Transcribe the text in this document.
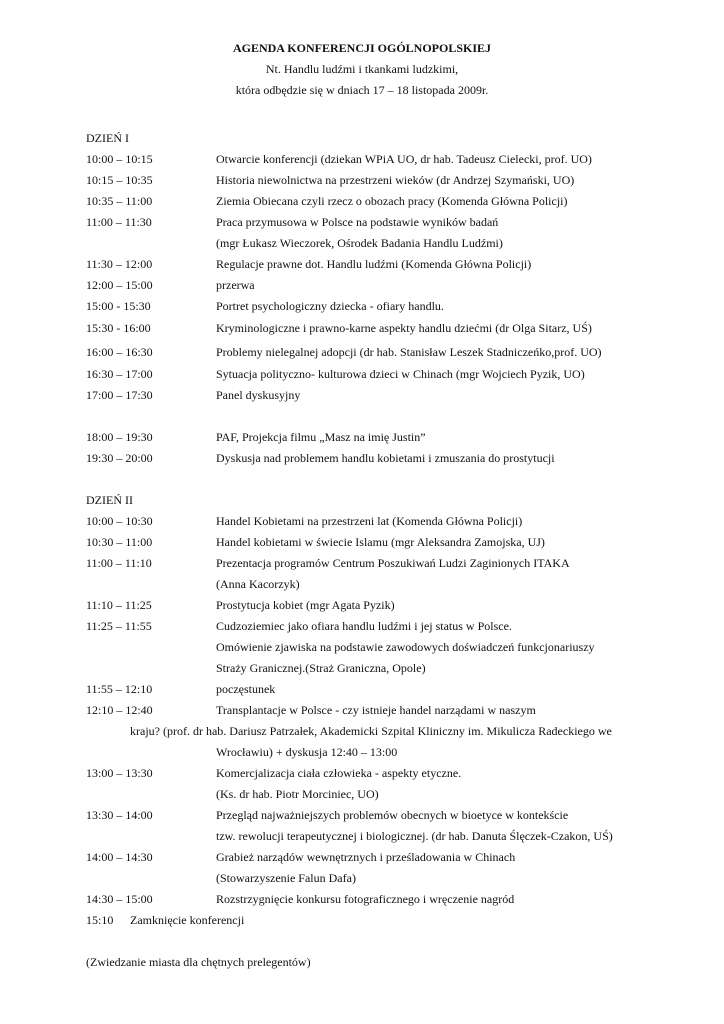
AGENDA KONFERENCJI OGÓLNOPOLSKIEJ
Nt. Handlu ludźmi i tkankami ludzkimi,
która odbędzie się w dniach 17 – 18 listopada 2009r.
DZIEŃ I
10:00 – 10:15	Otwarcie konferencji (dziekan WPiA UO, dr hab. Tadeusz Cielecki, prof. UO)
10:15 – 10:35	Historia niewolnictwa na przestrzeni wieków (dr Andrzej Szymański, UO)
10:35 – 11:00	Ziemia Obiecana czyli rzecz o obozach pracy (Komenda Główna Policji)
11:00 – 11:30	Praca przymusowa w Polsce na podstawie wyników badań
(mgr Łukasz Wieczorek, Ośrodek Badania Handlu Ludźmi)
11:30 – 12:00	Regulacje prawne dot. Handlu ludźmi (Komenda Główna Policji)
12:00 – 15:00	przerwa
15:00 - 15:30	Portret psychologiczny dziecka - ofiary handlu.
15:30 - 16:00	Kryminologiczne i prawno-karne aspekty handlu dziećmi (dr Olga Sitarz, UŚ)
16:00 – 16:30	Problemy nielegalnej adopcji (dr hab. Stanisław Leszek Stadniczeńko,prof. UO)
16:30 – 17:00	Sytuacja polityczno- kulturowa dzieci w Chinach (mgr Wojciech Pyzik, UO)
17:00 – 17:30	Panel dyskusyjny
18:00 – 19:30	PAF, Projekcja filmu „Masz na imię Justin”
19:30 – 20:00	Dyskusja nad problemem handlu kobietami i zmuszania do prostytucji
DZIEŃ II
10:00 – 10:30	Handel Kobietami na przestrzeni lat (Komenda Główna Policji)
10:30 – 11:00	Handel kobietami w świecie Islamu (mgr Aleksandra Zamojska, UJ)
11:00 – 11:10	Prezentacja programów Centrum Poszukiwań Ludzi Zaginionych ITAKA
(Anna Kacorzyk)
11:10 – 11:25	Prostytucja kobiet (mgr Agata Pyzik)
11:25 – 11:55	Cudzoziemiec jako ofiara handlu ludźmi i jej status w Polsce.
Omówienie zjawiska na podstawie zawodowych doświadczeń funkcjonariuszy
Straży Granicznej.(Straż Graniczna, Opole)
11:55 – 12:10	poczęstunek
12:10 – 12:40	Transplantacje w Polsce - czy istnieje handel narządami w naszym
kraju? (prof. dr hab. Dariusz Patrzałek, Akademicki Szpital Kliniczny im. Mikulicza Radeckiego we
Wrocławiu) + dyskusja 12:40 – 13:00
13:00 – 13:30	Komercjalizacja ciała człowieka - aspekty etyczne.
(Ks. dr hab. Piotr Morciniec, UO)
13:30 – 14:00	Przegląd najważniejszych problemów obecnych w bioetyce w kontekście
tzw. rewolucji terapeutycznej i biologicznej. (dr hab. Danuta Ślęczek-Czakon, UŚ)
14:00 – 14:30	Grabież narządów wewnętrznych i prześladowania w Chinach
(Stowarzyszenie Falun Dafa)
14:30 – 15:00	Rozstrzygnięcie konkursu fotograficznego i wręczenie nagród
15:10 Zamknięcie konferencji
(Zwiedzanie miasta dla chętnych prelegentów)
